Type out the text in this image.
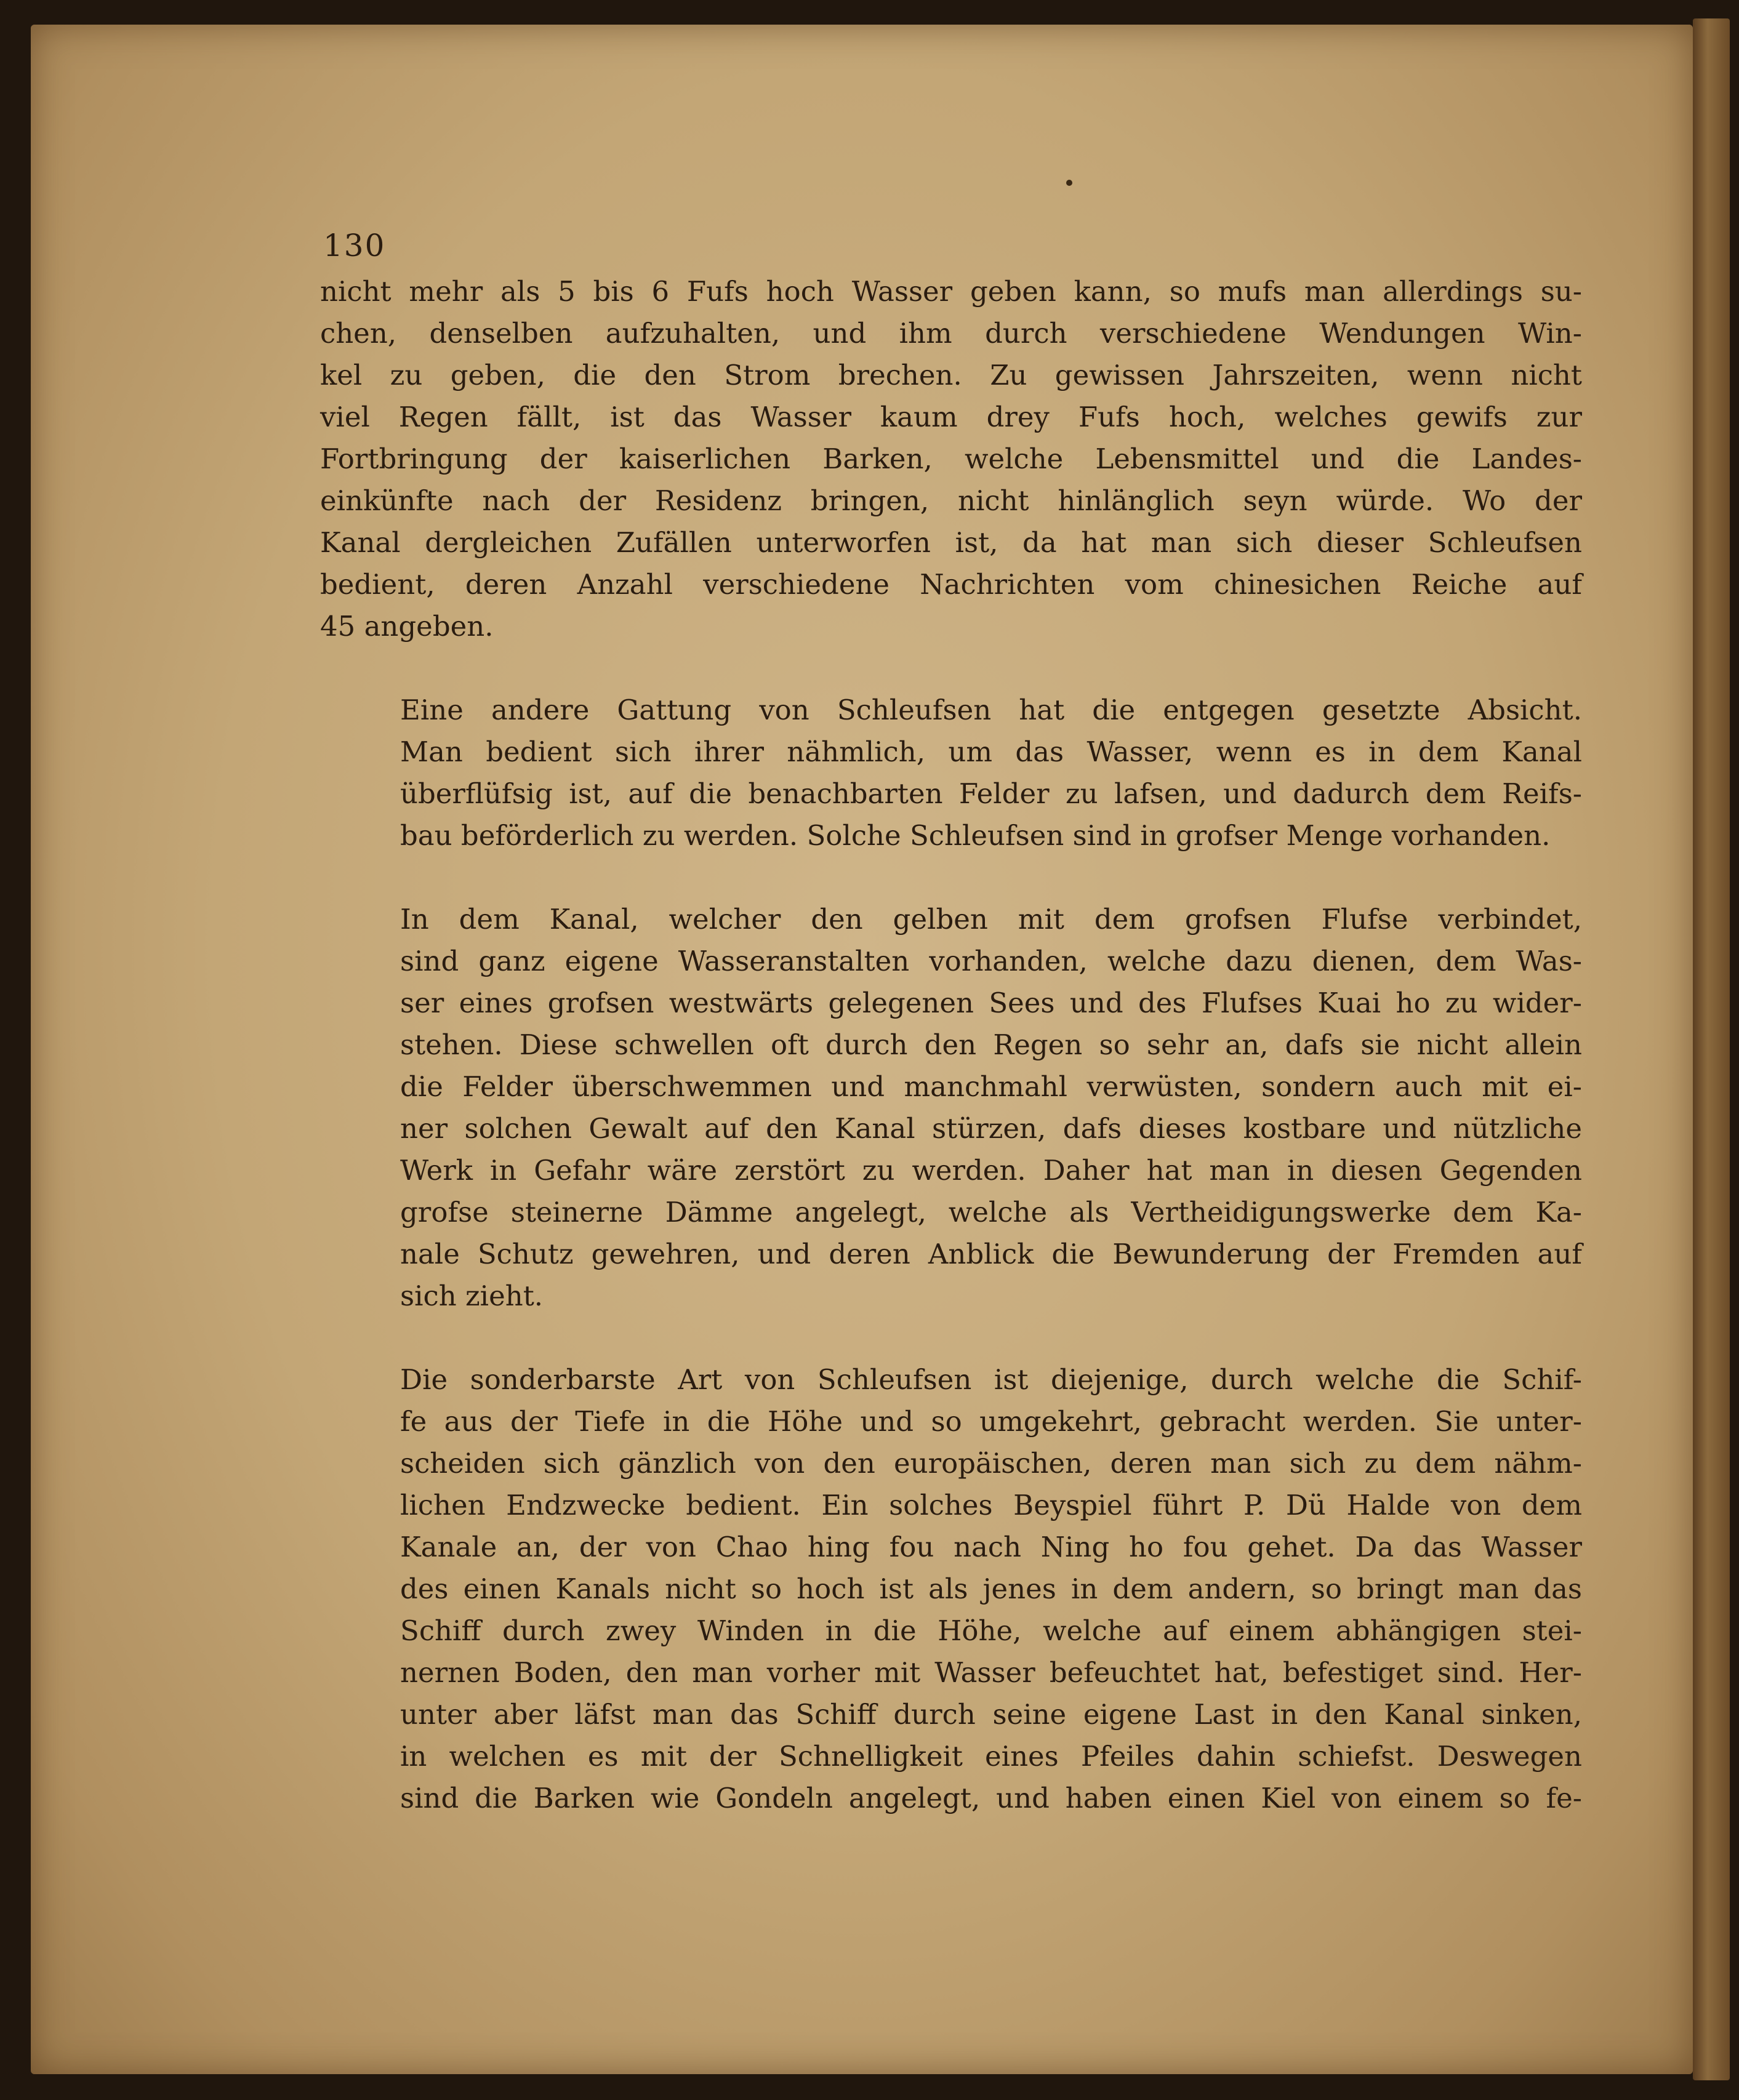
130
nicht mehr als 5 bis 6 Fufs hoch Wasser geben kann, so mufs man allerdings su-
chen, denselben aufzuhalten, und ihm durch verschiedene Wendungen Win-
kel zu geben, die den Strom brechen. Zu gewissen Jahrszeiten, wenn nicht
viel Regen fällt, ist das Wasser kaum drey Fufs hoch, welches gewifs zur
Fortbringung der kaiserlichen Barken, welche Lebensmittel und die Landes-
einkünfte nach der Residenz bringen, nicht hinlänglich seyn würde. Wo der
Kanal dergleichen Zufällen unterworfen ist, da hat man sich dieser Schleufsen
bedient, deren Anzahl verschiedene Nachrichten vom chinesichen Reiche auf
45 angeben.
Eine andere Gattung von Schleufsen hat die entgegen gesetzte Absicht.
Man bedient sich ihrer nähmlich, um das Wasser, wenn es in dem Kanal
überflüfsig ist, auf die benachbarten Felder zu lafsen, und dadurch dem Reifs-
bau beförderlich zu werden. Solche Schleufsen sind in grofser Menge vorhanden.
In dem Kanal, welcher den gelben mit dem grofsen Flufse verbindet,
sind ganz eigene Wasseranstalten vorhanden, welche dazu dienen, dem Was-
ser eines grofsen westwärts gelegenen Sees und des Flufses Kuai ho zu wider-
stehen. Diese schwellen oft durch den Regen so sehr an, dafs sie nicht allein
die Felder überschwemmen und manchmahl verwüsten, sondern auch mit ei-
ner solchen Gewalt auf den Kanal stürzen, dafs dieses kostbare und nützliche
Werk in Gefahr wäre zerstört zu werden. Daher hat man in diesen Gegenden
grofse steinerne Dämme angelegt, welche als Vertheidigungswerke dem Ka-
nale Schutz gewehren, und deren Anblick die Bewunderung der Fremden auf
sich zieht.
Die sonderbarste Art von Schleufsen ist diejenige, durch welche die Schif-
fe aus der Tiefe in die Höhe und so umgekehrt, gebracht werden. Sie unter-
scheiden sich gänzlich von den europäischen, deren man sich zu dem nähm-
lichen Endzwecke bedient. Ein solches Beyspiel führt P. Dü Halde von dem
Kanale an, der von Chao hing fou nach Ning ho fou gehet. Da das Wasser
des einen Kanals nicht so hoch ist als jenes in dem andern, so bringt man das
Schiff durch zwey Winden in die Höhe, welche auf einem abhängigen stei-
nernen Boden, den man vorher mit Wasser befeuchtet hat, befestiget sind. Her-
unter aber läfst man das Schiff durch seine eigene Last in den Kanal sinken,
in welchen es mit der Schnelligkeit eines Pfeiles dahin schiefst. Deswegen
sind die Barken wie Gondeln angelegt, und haben einen Kiel von einem so fe-
